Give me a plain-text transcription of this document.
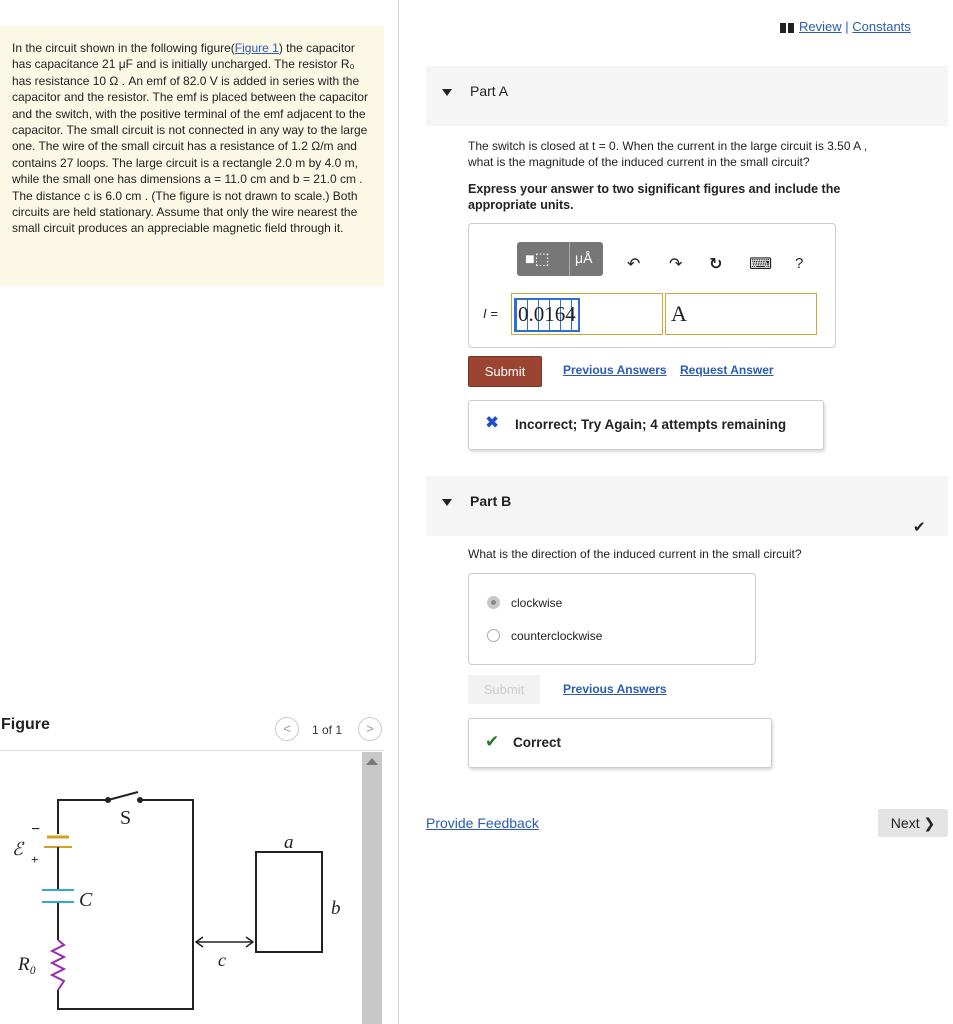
In the circuit shown in the following figure(Figure 1) the capacitor has capacitance 21 μF and is initially uncharged. The resistor R₀ has resistance 10 Ω . An emf of 82.0 V is added in series with the capacitor and the resistor. The emf is placed between the capacitor and the switch, with the positive terminal of the emf adjacent to the capacitor. The small circuit is not connected in any way to the large one. The wire of the small circuit has a resistance of 1.2 Ω/m and contains 27 loops. The large circuit is a rectangle 2.0 m by 4.0 m, while the small one has dimensions a = 11.0 cm and b = 21.0 cm . The distance c is 6.0 cm . (The figure is not drawn to scale.) Both circuits are held stationary. Assume that only the wire nearest the small circuit produces an appreciable magnetic field through it.
Figure	<	1 of 1	>
S
ℰ
−
+
C
R₀
a
b
c
Review | Constants
Part A
The switch is closed at t = 0. When the current in the large circuit is 3.50 A ,
what is the magnitude of the induced current in the small circuit?
Express your answer to two significant figures and include the
appropriate units.
■⬚ μÅ ↶ ↷ ↻ ⌨ ?
I = 0.0164	A
Submit	Previous Answers Request Answer
✖ Incorrect; Try Again; 4 attempts remaining
Part B
✔
What is the direction of the induced current in the small circuit?
clockwise
counterclockwise
Submit	Previous Answers
✔ Correct
Provide Feedback	Next ❯
